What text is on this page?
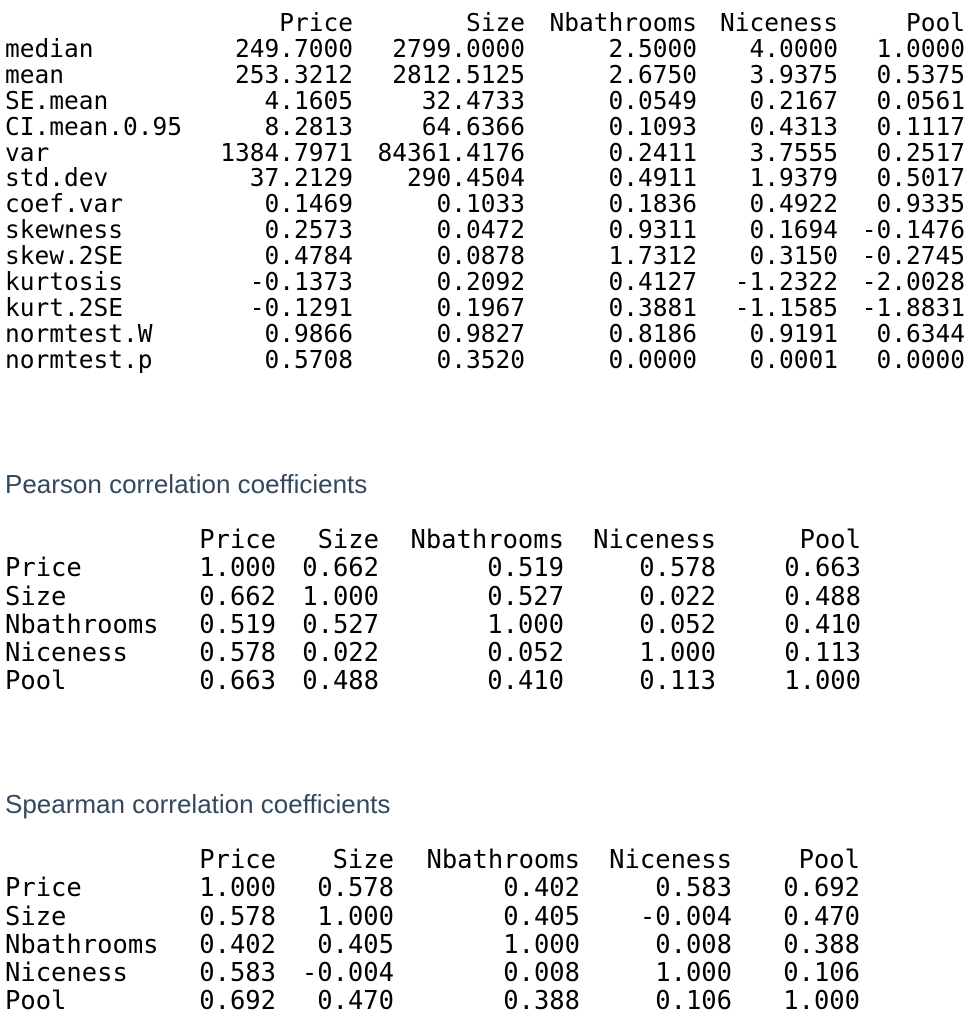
	Price	Size	Nbathrooms	Niceness	Pool
median	249.7000	2799.0000	2.5000	4.0000	1.0000
mean	253.3212	2812.5125	2.6750	3.9375	0.5375
SE.mean	4.1605	32.4733	0.0549	0.2167	0.0561
CI.mean.0.95	8.2813	64.6366	0.1093	0.4313	0.1117
var	1384.7971	84361.4176	0.2411	3.7555	0.2517
std.dev	37.2129	290.4504	0.4911	1.9379	0.5017
coef.var	0.1469	0.1033	0.1836	0.4922	0.9335
skewness	0.2573	0.0472	0.9311	0.1694	-0.1476
skew.2SE	0.4784	0.0878	1.7312	0.3150	-0.2745
kurtosis	-0.1373	0.2092	0.4127	-1.2322	-2.0028
kurt.2SE	-0.1291	0.1967	0.3881	-1.1585	-1.8831
normtest.W	0.9866	0.9827	0.8186	0.9191	0.6344
normtest.p	0.5708	0.3520	0.0000	0.0001	0.0000
Pearson correlation coefficients
	Price	Size	Nbathrooms	Niceness	Pool
Price	1.000	0.662	0.519	0.578	0.663
Size	0.662	1.000	0.527	0.022	0.488
Nbathrooms	0.519	0.527	1.000	0.052	0.410
Niceness	0.578	0.022	0.052	1.000	0.113
Pool	0.663	0.488	0.410	0.113	1.000
Spearman correlation coefficients
	Price	Size	Nbathrooms	Niceness	Pool
Price	1.000	0.578	0.402	0.583	0.692
Size	0.578	1.000	0.405	-0.004	0.470
Nbathrooms	0.402	0.405	1.000	0.008	0.388
Niceness	0.583	-0.004	0.008	1.000	0.106
Pool	0.692	0.470	0.388	0.106	1.000
